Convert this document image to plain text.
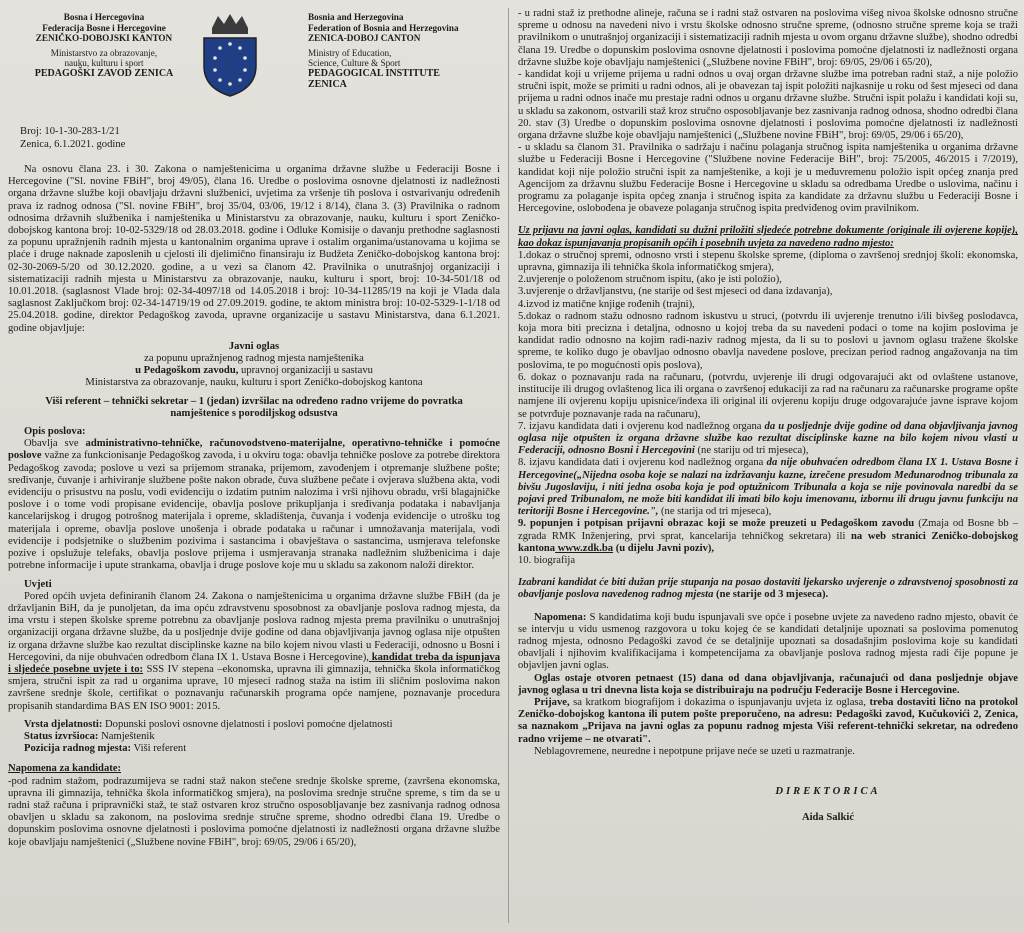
Bosna i Hercegovina
Federacija Bosne i Hercegovine
ZENIČKO-DOBOJSKI KANTON
Ministarstvo za obrazovanje,
nauku, kulturu i sport
PEDAGOŠKI ZAVOD ZENICA
Bosnia and Herzegovina
Federation of Bosnia and Herzegovina
ZENICA-DOBOJ CANTON
Ministry of Education,
Science, Culture & Sport
PEDAGOGICAL INSTITUTE ZENICA
Broj: 10-1-30-283-1/21
Zenica, 6.1.2021. godine

Na osnovu člana 23. i 30. Zakona o namještenicima u organima državne službe u Federaciji Bosne i Hercegovine ("Sl. novine FBiH", broj 49/05), člana 16. Uredbe o poslovima osnovne djelatnosti iz nadležnosti organa državne službe koji obavljaju državni službenici, uvjetima za vršenje tih poslova i ostvarivanju određenih prava iz radnog odnosa ("Sl. novine FBiH", broj 35/04, 03/06, 19/12 i 8/14), člana 3. (3) Pravilnika o radnom odnosima državnih službenika i namještenika u Ministarstvu za obrazovanje, nauku, kulturu i sport Zeničko-dobojskog kantona broj: 10-02-5329/18 od 28.03.2018. godine i Odluke Komisije o davanju prethodne saglasnosti za popunu upražnjenih radnih mjesta u kantonalnim organima uprave i ostalim organima/ustanovama u kojima se plaće i druge naknade zaposlenih u cjelosti ili djelimično finansiraju iz Budžeta Zeničko-dobojskog kantona broj: 02-30-2069-5/20 od 30.12.2020. godine, a u vezi sa članom 42. Pravilnika o unutrašnjoj organizaciji i sistematizaciji radnih mjesta u Ministarstvu za obrazovanje, nauku, kulturu i sport, broj: 10-34-501/18 od 10.01.2018. (saglasnost Vlade broj: 02-34-4097/18 od 14.05.2018 i broj: 10-34-11285/19 na koji je Vlada dala saglasnost Zaključkom broj: 02-34-14719/19 od 27.09.2019. godine, te aktom ministra broj: 10-02-5329-1-1/18 od 25.04.2018. godine, direktor Pedagoškog zavoda, upravne organizacije u sastavu Ministarstva, dana 6.1.2021. godine objavljuje:

Javni oglas
za popunu upražnjenog radnog mjesta namještenika
u Pedagoškom zavodu, upravnoj organizaciji u sastavu
Ministarstva za obrazovanje, nauku, kulturu i sport Zeničko-dobojskog kantona

Viši referent – tehnički sekretar – 1 (jedan) izvršilac na određeno radno vrijeme do povratka namještenice s porodiljskog odsustva

Opis poslova:

Obavlja sve administrativno-tehničke, računovodstveno-materijalne, operativno-tehničke i pomoćne poslove važne za funkcionisanje Pedagoškog zavoda, i u okviru toga: obavlja tehničke poslove za potrebe direktora Pedagoškog zavoda; poslove u vezi sa prijemom stranaka, prijemom, zavođenjem i otpremanje službene pošte; sređivanje, čuvanje i arhiviranje službene pošte nakon obrade, čuva službene pečate i ovjerava službena akta, vodi evidenciju o prisustvu na poslu, vodi evidenciju o izdatim putnim nalozima i vrši njihovu obradu, vrši blagajničke poslove i o tome vodi propisane evidencije, obavlja poslove prikupljanja i sređivanja podataka i nabavljanja kancelarijskog i drugog potrošnog materijala i opreme, skladištenja, čuvanja i vođenja evidencije o utrošku tog materijala i opreme, obavlja poslove unošenja i obrade podataka u računar i umnožavanja materijala, vodi evidencije i podsjetnike o službenim pozivima i sastancima i obavještava o sastancima, usmjerava telefonske pozive i opslužuje telefaks, obavlja poslove prijema i usmjeravanja stranaka nadležnim službenicima i daje potrebne informacije i upute strankama, obavlja i druge poslove koje mu u skladu sa zakonom naloži direktor.

Uvjeti

Pored općih uvjeta definiranih članom 24. Zakona o namještenicima u organima državne službe FBiH (da je državljanin BiH, da je punoljetan, da ima opću zdravstvenu sposobnost za obavljanje poslova radnog mjesta, da ima vrstu i stepen školske spreme potrebnu za obavljanje poslova radnog mjesta prema pravilniku o unutrašnjoj organizaciji organa državne službe, da u posljednje dvije godine od dana objavljivanja javnog oglasa nije otpušten iz organa državne službe kao rezultat disciplinske kazne na bilo kojem nivou vlasti u Federaciji, odnosno u Bosni i Hercegovini, da nije obuhvaćen odredbom člana IX 1. Ustava Bosne i Hercegovine), kandidat treba da ispunjava i sljedeće posebne uvjete i to: SSS IV stepena –ekonomska, upravna ili gimnazija, tehnička škola informatičkog smjera, stručni ispit za rad u organima uprave, 10 mjeseci radnog staža na istim ili sličnim poslovima nakon završene srednje škole, certifikat o poznavanju računarskih programa opće namjene, poznavanje procedura propisanih standardima BAS EN ISO 9001: 2015.

Vrsta djelatnosti: Dopunski poslovi osnovne djelatnosti i poslovi pomoćne djelatnosti
Status izvršioca: Namještenik
Pozicija radnog mjesta: Viši referent

Napomena za kandidate:

-pod radnim stažom, podrazumijeva se radni staž nakon stečene srednje školske spreme, (završena ekonomska, upravna ili gimnazija, tehnička škola informatičkog smjera), na poslovima srednje stručne spreme, s tim da se u radni staž računa i pripravnički staž, te staž ostvaren kroz stručno osposobljavanje bez zasnivanja radnog odnosa obavljen u skladu sa zakonom, na poslovima srednje stručne spreme, shodno odredbi člana 19. Uredbe o dopunskim poslovima osnovne djelatnosti i poslovima pomoćne djelatnosti iz nadležnosti organa državne službe koje obavljaju namještenici („Službene novine FBiH", broj: 69/05, 29/06 i 65/20),

- u radni staž iz prethodne alineje, računa se i radni staž ostvaren na poslovima višeg nivoa školske odnosno stručne spreme u odnosu na navedeni nivo i vrstu školske odnosno stručne spreme, (odnosno stručne spreme koja se traži pravilnikom o unutrašnjoj organizaciji i sistematizaciji radnih mjesta u ovom organu državne službe), shodno odredbi člana 19. Uredbe o dopunskim poslovima osnovne djelatnosti i poslovima pomoćne djelatnosti iz nadležnosti organa državne službe koje obavljaju namještenici („Službene novine FBiH", broj: 69/05, 29/06 i 65/20),

- kandidat koji u vrijeme prijema u radni odnos u ovaj organ državne službe ima potreban radni staž, a nije položio stručni ispit, može se primiti u radni odnos, ali je obavezan taj ispit položiti najkasnije u roku od šest mjeseci od dana prijema u radni odnos inače mu prestaje radni odnos u organu državne službe. Stručni ispit polažu i kandidati koji su, u skladu sa zakonom, ostvarili staž kroz stručno osposobljavanje bez zasnivanja radnog odnosa, shodno odredbi člana 20. stav (3) Uredbe o dopunskim poslovima osnovne djelatnosti i poslovima pomoćne djelatnosti iz nadležnosti organa državne službe koje obavljaju namještenici („Službene novine FBiH", broj: 69/05, 29/06 i 65/20),

- u skladu sa članom 31. Pravilnika o sadržaju i načinu polaganja stručnog ispita namještenika u organima državne službe u Federaciji Bosne i Hercegovine ("Službene novine Federacije BiH", broj: 75/2005, 46/2015 i 7/2019), kandidat koji nije položio stručni ispit za namještenike, a koji je u međuvremenu položio ispit općeg znanja pred Agencijom za državnu službu Federacije Bosne i Hercegovine u skladu sa odredbama Uredbe o uslovima, načinu i programu za polaganje ispita općeg znanja i stručnog ispita za kandidate za državnu službu u Federaciji Bosne i Hercegovine, oslobođena je obaveze polaganja stručnog ispita predviđenog ovim pravilnikom.

Uz prijavu na javni oglas, kandidati su dužni priložiti sljedeće potrebne dokumente (originale ili ovjerene kopije), kao dokaz ispunjavanja propisanih općih i posebnih uvjeta za navedeno radno mjesto:

1.dokaz o stručnoj spremi, odnosno vrsti i stepenu školske spreme, (diploma o završenoj srednjoj školi: ekonomska, upravna, gimnazija ili tehnička škola informatičkog smjera),

2.uvjerenje o položenom stručnom ispitu, (ako je isti položio),

3.uvjerenje o državljanstvu, (ne starije od šest mjeseci od dana izdavanja),

4.izvod iz matične knjige rođenih (trajni),

5.dokaz o radnom stažu odnosno radnom iskustvu u struci, (potvrdu ili uvjerenje trenutno i/ili bivšeg poslodavca, koja mora biti precizna i detaljna, odnosno u kojoj treba da su navedeni podaci o tome na kojim poslovima je kandidat radio odnosno na kojim radi-naziv radnog mjesta, da li su to poslovi u javnom oglasu tražene školske spreme, te koliko dugo je obavljao odnosno obavlja navedene poslove, precizan period radnog angažovanja na tim poslovima, te po mogućnosti opis poslova),

6. dokaz o poznavanju rada na računaru, (potvrdu, uvjerenje ili drugi odgovarajući akt od ovlaštene ustanove, institucije ili drugog ovlaštenog lica ili organa o završenoj edukaciji za rad na računaru za računarske programe opšte namjene ili ovjerenu kopiju upisnice/indexa ili original ili ovjerenu kopiju druge odgovarajuće javne isprave kojom se potvrđuje poznavanje rada na računaru),

7. izjavu kandidata dati i ovjerenu kod nadležnog organa da u posljednje dvije godine od dana objavljivanja javnog oglasa nije otpušten iz organa državne službe kao rezultat disciplinske kazne na bilo kojem nivou vlasti u Federaciji, odnosno Bosni i Hercegovini (ne stariju od tri mjeseca),

8. izjavu kandidata dati i ovjerenu kod nadležnog organa da nije obuhvaćen odredbom člana IX 1. Ustava Bosne i Hercegovine(„Nijedna osoba koje se nalazi na izdržavanju kazne, izrečene presudom Međunarodnog tribunala za bivšu Jugoslaviju, i niti jedna osoba koja je pod optužnicom Tribunala a koja se nije povinovala naredbi da se pojavi pred Tribunalom, ne može biti kandidat ili imati bilo koju imenovanu, izbornu ili drugu javnu funkciju na teritoriji Bosne i Hercegovine.", (ne starija od tri mjeseca),

9. popunjen i potpisan prijavni obrazac koji se može preuzeti u Pedagoškom zavodu (Zmaja od Bosne bb – zgrada RMK Inženjering, prvi sprat, kancelarija tehničkog sekretara) ili na web stranici Zeničko-dobojskog kantona www.zdk.ba (u dijelu Javni poziv),

10. biografija

Izabrani kandidat će biti dužan prije stupanja na posao dostaviti ljekarsko uvjerenje o zdravstvenoj sposobnosti za obavljanje poslova navedenog radnog mjesta (ne starije od 3 mjeseca).

Napomena: S kandidatima koji budu ispunjavali sve opće i posebne uvjete za navedeno radno mjesto, obavit će se intervju u vidu usmenog razgovora u toku kojeg će se kandidati detaljnije upoznati sa poslovima pomenutog radnog mjesta, odnosno Pedagoški zavod će se detaljnije upoznati sa dosadašnjim poslovima koje su kandidati obavljali i njihovim kvalifikacijama i kompetencijama za obavljanje poslova radnog mjesta radi čije popune je objavljen javni oglas.

Oglas ostaje otvoren petnaest (15) dana od dana objavljivanja, računajući od dana posljednje objave javnog oglasa u tri dnevna lista koja se distribuiraju na području Federacije Bosne i Hercegovine.

Prijave, sa kratkom biografijom i dokazima o ispunjavanju uvjeta iz oglasa, treba dostaviti lično na protokol Zeničko-dobojskog kantona ili putem pošte preporučeno, na adresu: Pedagoški zavod, Kučukovići 2, Zenica, sa naznakom „Prijava na javni oglas za popunu radnog mjesta Viši referent-tehnički sekretar, na određeno radno vrijeme – ne otvarati".

Neblagovremene, neuredne i nepotpune prijave neće se uzeti u razmatranje.

DIREKTORICA
Aida Salkić
